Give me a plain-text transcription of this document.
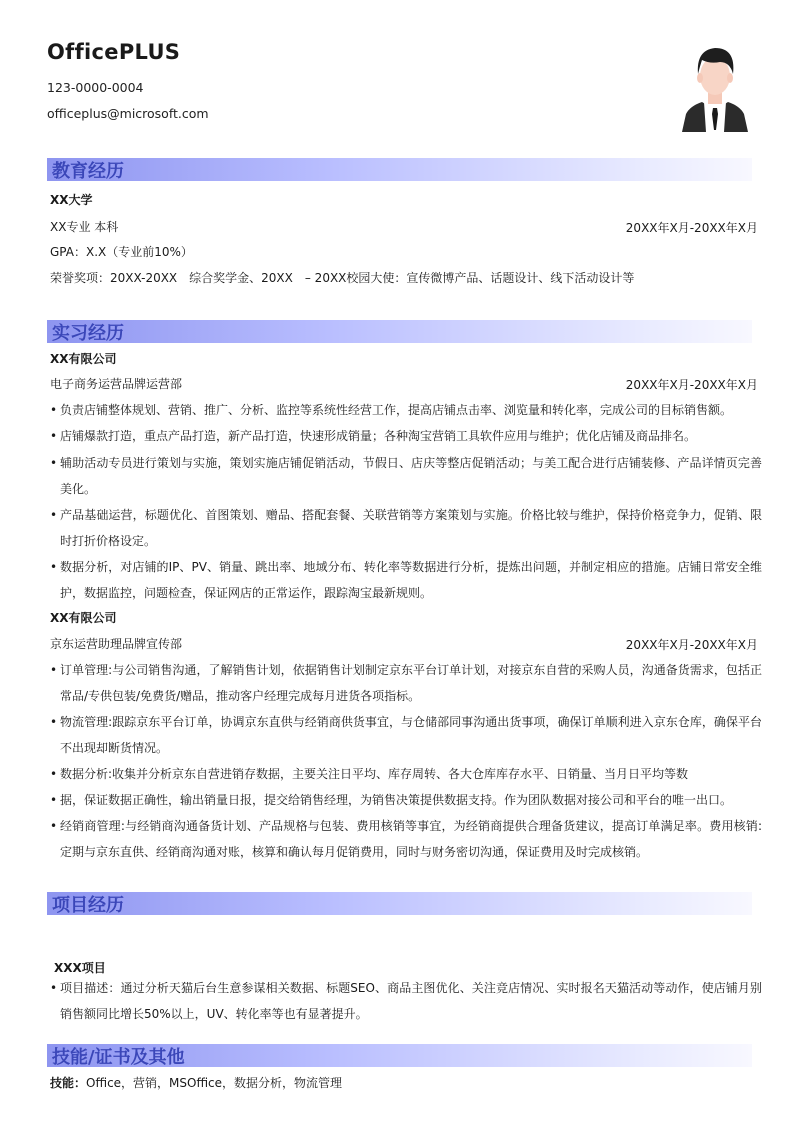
OfficePLUS
123-0000-0004
officeplus@microsoft.com
教育经历
XX大学
XX专业 本科	20XX年X月-20XX年X月
GPA：X.X（专业前10%）
荣誉奖项：20XX-20XX　综合奖学金、20XX　– 20XX校园大使：宣传微博产品、话题设计、线下活动设计等
实习经历
XX有限公司
电子商务运营品牌运营部	20XX年X月-20XX年X月
• 负责店铺整体规划、营销、推广、分析、监控等系统性经营工作，提高店铺点击率、浏览量和转化率，完成公司的目标销售额。
• 店铺爆款打造，重点产品打造，新产品打造，快速形成销量；各种淘宝营销工具软件应用与维护；优化店铺及商品排名。
• 辅助活动专员进行策划与实施，策划实施店铺促销活动，节假日、店庆等整店促销活动；与美工配合进行店铺装修、产品详情页完善美化。
• 产品基础运营，标题优化、首图策划、赠品、搭配套餐、关联营销等方案策划与实施。价格比较与维护，保持价格竞争力，促销、限时打折价格设定。
• 数据分析，对店铺的IP、PV、销量、跳出率、地域分布、转化率等数据进行分析，提炼出问题，并制定相应的措施。店铺日常安全维护，数据监控，问题检查，保证网店的正常运作，跟踪淘宝最新规则。
XX有限公司
京东运营助理品牌宣传部	20XX年X月-20XX年X月
• 订单管理:与公司销售沟通，了解销售计划，依据销售计划制定京东平台订单计划，对接京东自营的采购人员，沟通备货需求，包括正常品/专供包装/免费货/赠品，推动客户经理完成每月进货各项指标。
• 物流管理:跟踪京东平台订单，协调京东直供与经销商供货事宜，与仓储部同事沟通出货事项，确保订单顺利进入京东仓库，确保平台不出现却断货情况。
• 数据分析:收集并分析京东自营进销存数据，主要关注日平均、库存周转、各大仓库库存水平、日销量、当月日平均等数
• 据，保证数据正确性，输出销量日报，提交给销售经理，为销售决策提供数据支持。作为团队数据对接公司和平台的唯一出口。
• 经销商管理:与经销商沟通备货计划、产品规格与包装、费用核销等事宜，为经销商提供合理备货建议，提高订单满足率。费用核销:定期与京东直供、经销商沟通对账，核算和确认每月促销费用，同时与财务密切沟通，保证费用及时完成核销。
项目经历
XXX项目
• 项目描述：通过分析天猫后台生意参谋相关数据、标题SEO、商品主图优化、关注竞店情况、实时报名天猫活动等动作，使店铺月别销售额同比增长50%以上，UV、转化率等也有显著提升。
技能/证书及其他
技能：Office，营销，MSOffice，数据分析，物流管理
